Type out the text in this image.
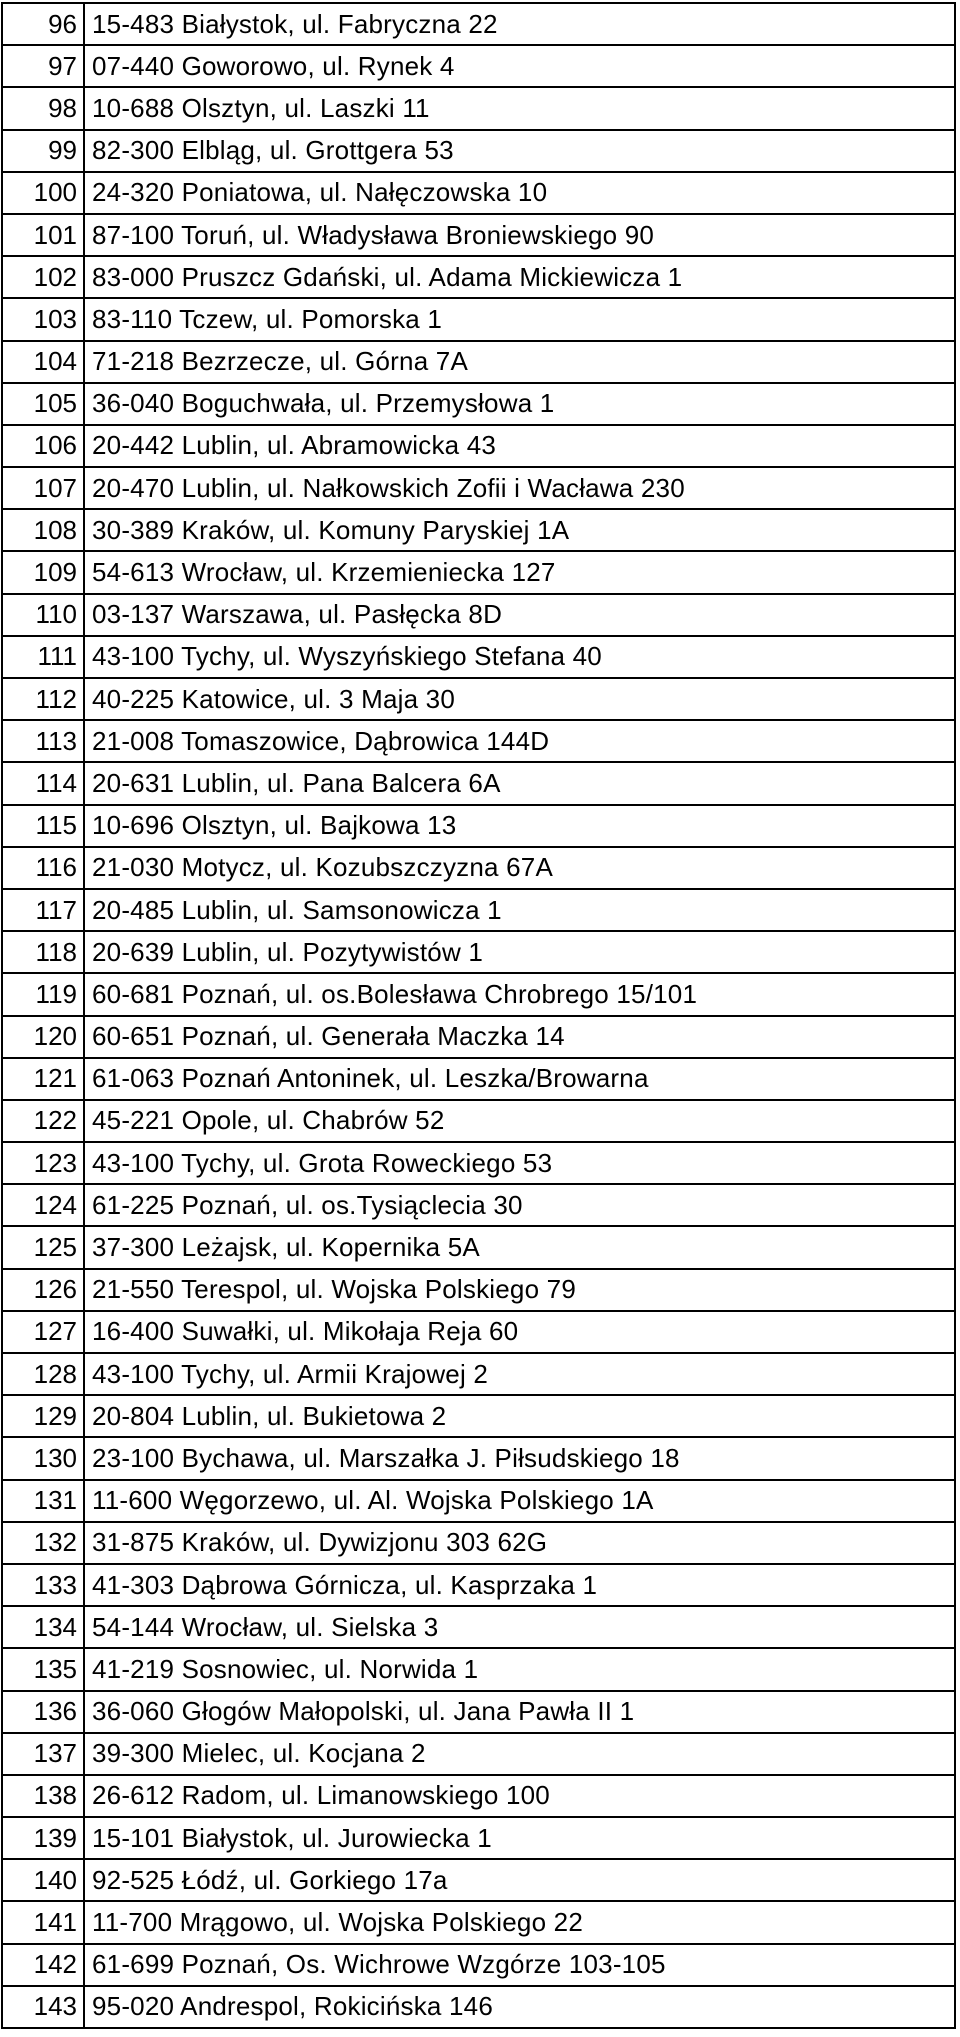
96	15-483 Białystok, ul. Fabryczna 22
97	07-440 Goworowo, ul. Rynek 4
98	10-688 Olsztyn, ul. Laszki 11
99	82-300 Elbląg, ul. Grottgera 53
100	24-320 Poniatowa, ul. Nałęczowska 10
101	87-100 Toruń, ul. Władysława Broniewskiego 90
102	83-000 Pruszcz Gdański, ul. Adama Mickiewicza 1
103	83-110 Tczew, ul. Pomorska 1
104	71-218 Bezrzecze, ul. Górna 7A
105	36-040 Boguchwała, ul. Przemysłowa 1
106	20-442 Lublin, ul. Abramowicka 43
107	20-470 Lublin, ul. Nałkowskich Zofii i Wacława 230
108	30-389 Kraków, ul. Komuny Paryskiej 1A
109	54-613 Wrocław, ul. Krzemieniecka 127
110	03-137 Warszawa, ul. Pasłęcka 8D
111	43-100 Tychy, ul. Wyszyńskiego Stefana 40
112	40-225 Katowice, ul. 3 Maja 30
113	21-008 Tomaszowice, Dąbrowica 144D
114	20-631 Lublin, ul. Pana Balcera 6A
115	10-696 Olsztyn, ul. Bajkowa 13
116	21-030 Motycz, ul. Kozubszczyzna 67A
117	20-485 Lublin, ul. Samsonowicza 1
118	20-639 Lublin, ul. Pozytywistów 1
119	60-681 Poznań, ul. os.Bolesława Chrobrego 15/101
120	60-651 Poznań, ul. Generała Maczka 14
121	61-063 Poznań Antoninek, ul. Leszka/Browarna
122	45-221 Opole, ul. Chabrów 52
123	43-100 Tychy, ul. Grota Roweckiego 53
124	61-225 Poznań, ul. os.Tysiąclecia 30
125	37-300 Leżajsk, ul. Kopernika 5A
126	21-550 Terespol, ul. Wojska Polskiego 79
127	16-400 Suwałki, ul. Mikołaja Reja 60
128	43-100 Tychy, ul. Armii Krajowej 2
129	20-804 Lublin, ul. Bukietowa 2
130	23-100 Bychawa, ul. Marszałka J. Piłsudskiego 18
131	11-600 Węgorzewo, ul. Al. Wojska Polskiego 1A
132	31-875 Kraków, ul. Dywizjonu 303 62G
133	41-303 Dąbrowa Górnicza, ul. Kasprzaka 1
134	54-144 Wrocław, ul. Sielska 3
135	41-219 Sosnowiec, ul. Norwida 1
136	36-060 Głogów Małopolski, ul. Jana Pawła II 1
137	39-300 Mielec, ul. Kocjana 2
138	26-612 Radom, ul. Limanowskiego 100
139	15-101 Białystok, ul. Jurowiecka 1
140	92-525 Łódź, ul. Gorkiego 17a
141	11-700 Mrągowo, ul. Wojska Polskiego 22
142	61-699 Poznań, Os. Wichrowe Wzgórze 103-105
143	95-020 Andrespol, Rokicińska 146
